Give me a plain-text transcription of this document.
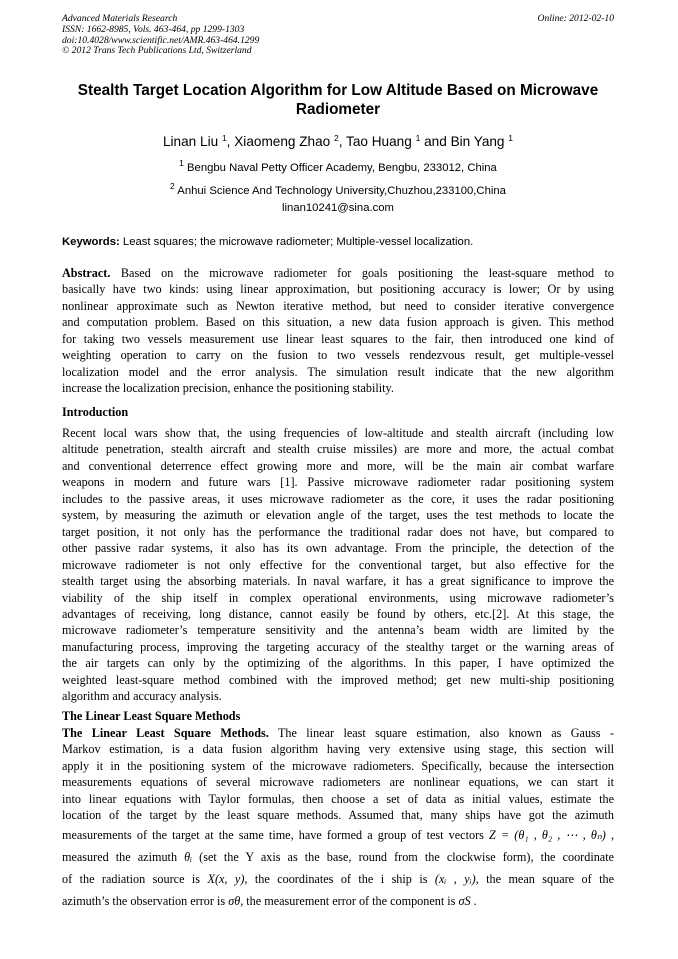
Advanced Materials Research
ISSN: 1662-8985, Vols. 463-464, pp 1299-1303
doi:10.4028/www.scientific.net/AMR.463-464.1299
© 2012 Trans Tech Publications Ltd, Switzerland
Online: 2012-02-10
Stealth Target Location Algorithm for Low Altitude Based on Microwave
Radiometer
Linan Liu $^1$, Xiaomeng Zhao $^2$, Tao Huang $^1$ and Bin Yang $^1$
$^1$ Bengbu Naval Petty Officer Academy, Bengbu, 233012, China
$^2$ Anhui Science And Technology University,Chuzhou,233100,China
linan10241@sina.com
Keywords: Least squares; the microwave radiometer; Multiple-vessel localization.
Abstract. Based on the microwave radiometer for goals positioning the least-square method to
basically have two kinds: using linear approximation, but positioning accuracy is lower; Or by using
nonlinear approximate such as Newton iterative method, but need to consider iterative convergence
and computation problem. Based on this situation, a new data fusion approach is given. This method
for taking two vessels measurement use linear least squares to the fair, then introduced one kind of
weighting operation to carry on the fusion to two vessels rendezvous result, get multiple-vessel
localization model and the error analysis. The simulation result indicate that the new algorithm
increase the localization precision, enhance the positioning stability.
Introduction
Recent local wars show that, the using frequencies of low-altitude and stealth aircraft (including low
altitude penetration, stealth aircraft and stealth cruise missiles) are more and more, the actual combat
and conventional deterrence effect growing more and more, will be the main air combat warfare
weapons in modern and future wars [1]. Passive microwave radiometer radar positioning system
includes to the passive areas, it uses microwave radiometer as the core, it uses the radar positioning
system, by measuring the azimuth or elevation angle of the target, uses the test methods to locate the
target position, it not only has the performance the traditional radar does not have, but compared to
other passive radar systems, it also has its own advantage. From the principle, the detection of the
microwave radiometer is not only effective for the conventional target, but also effective for the
stealth target using the absorbing materials. In naval warfare, it has a great significance to improve the
viability of the ship itself in complex operational environments, using microwave radiometer’s
advantages of receiving, long distance, cannot easily be found by others, etc.[2]. At this stage, the
microwave radiometer’s temperature sensitivity and the antenna’s beam width are limited by the
manufacturing process, improving the targeting accuracy of the stealthy target or the warning areas of
the air targets can only by the optimizing of the algorithms. In this paper, I have optimized the
weighted least-square method combined with the improved method; get new multi-ship positioning
algorithm and accuracy analysis.
The Linear Least Square Methods
The Linear Least Square Methods. The linear least square estimation, also known as Gauss -
Markov estimation, is a data fusion algorithm having very extensive using stage, this section will
apply it in the positioning system of the microwave radiometers. Specifically, because the intersection
measurements equations of several microwave radiometers are nonlinear equations, we can start it
into linear equations with Taylor formulas, then choose a set of data as initial values, estimate the
location of the target by the least square methods. Assumed that, many ships have got the azimuth
measurements of the target at the same time, have formed a group of test vectors Z = (θ₁ , θ₂ , ⋯ , θₙ) ,
measured the azimuth θᵢ (set the Y axis as the base, round from the clockwise form), the coordinate
of the radiation source is X(x, y), the coordinates of the i ship is (xᵢ , yᵢ), the mean square of the
azimuth’s the observation error is σθ, the measurement error of the component is σS .
